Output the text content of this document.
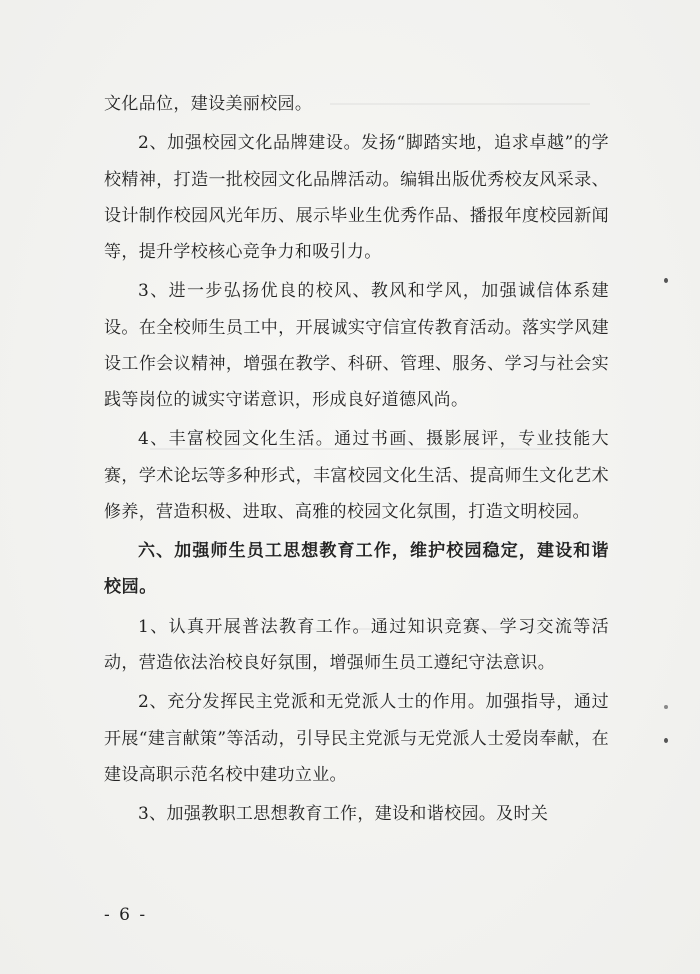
文化品位，建设美丽校园。

2、加强校园文化品牌建设。发扬“脚踏实地，追求卓越”的学校精神，打造一批校园文化品牌活动。编辑出版优秀校友风采录、设计制作校园风光年历、展示毕业生优秀作品、播报年度校园新闻等，提升学校核心竞争力和吸引力。

3、进一步弘扬优良的校风、教风和学风，加强诚信体系建设。在全校师生员工中，开展诚实守信宣传教育活动。落实学风建设工作会议精神，增强在教学、科研、管理、服务、学习与社会实践等岗位的诚实守诺意识，形成良好道德风尚。

4、丰富校园文化生活。通过书画、摄影展评，专业技能大赛，学术论坛等多种形式，丰富校园文化生活、提高师生文化艺术修养，营造积极、进取、高雅的校园文化氛围，打造文明校园。

六、加强师生员工思想教育工作，维护校园稳定，建设和谐校园。

1、认真开展普法教育工作。通过知识竞赛、学习交流等活动，营造依法治校良好氛围，增强师生员工遵纪守法意识。

2、充分发挥民主党派和无党派人士的作用。加强指导，通过开展“建言献策”等活动，引导民主党派与无党派人士爱岗奉献，在建设高职示范名校中建功立业。

3、加强教职工思想教育工作，建设和谐校园。及时关

- 6 -
